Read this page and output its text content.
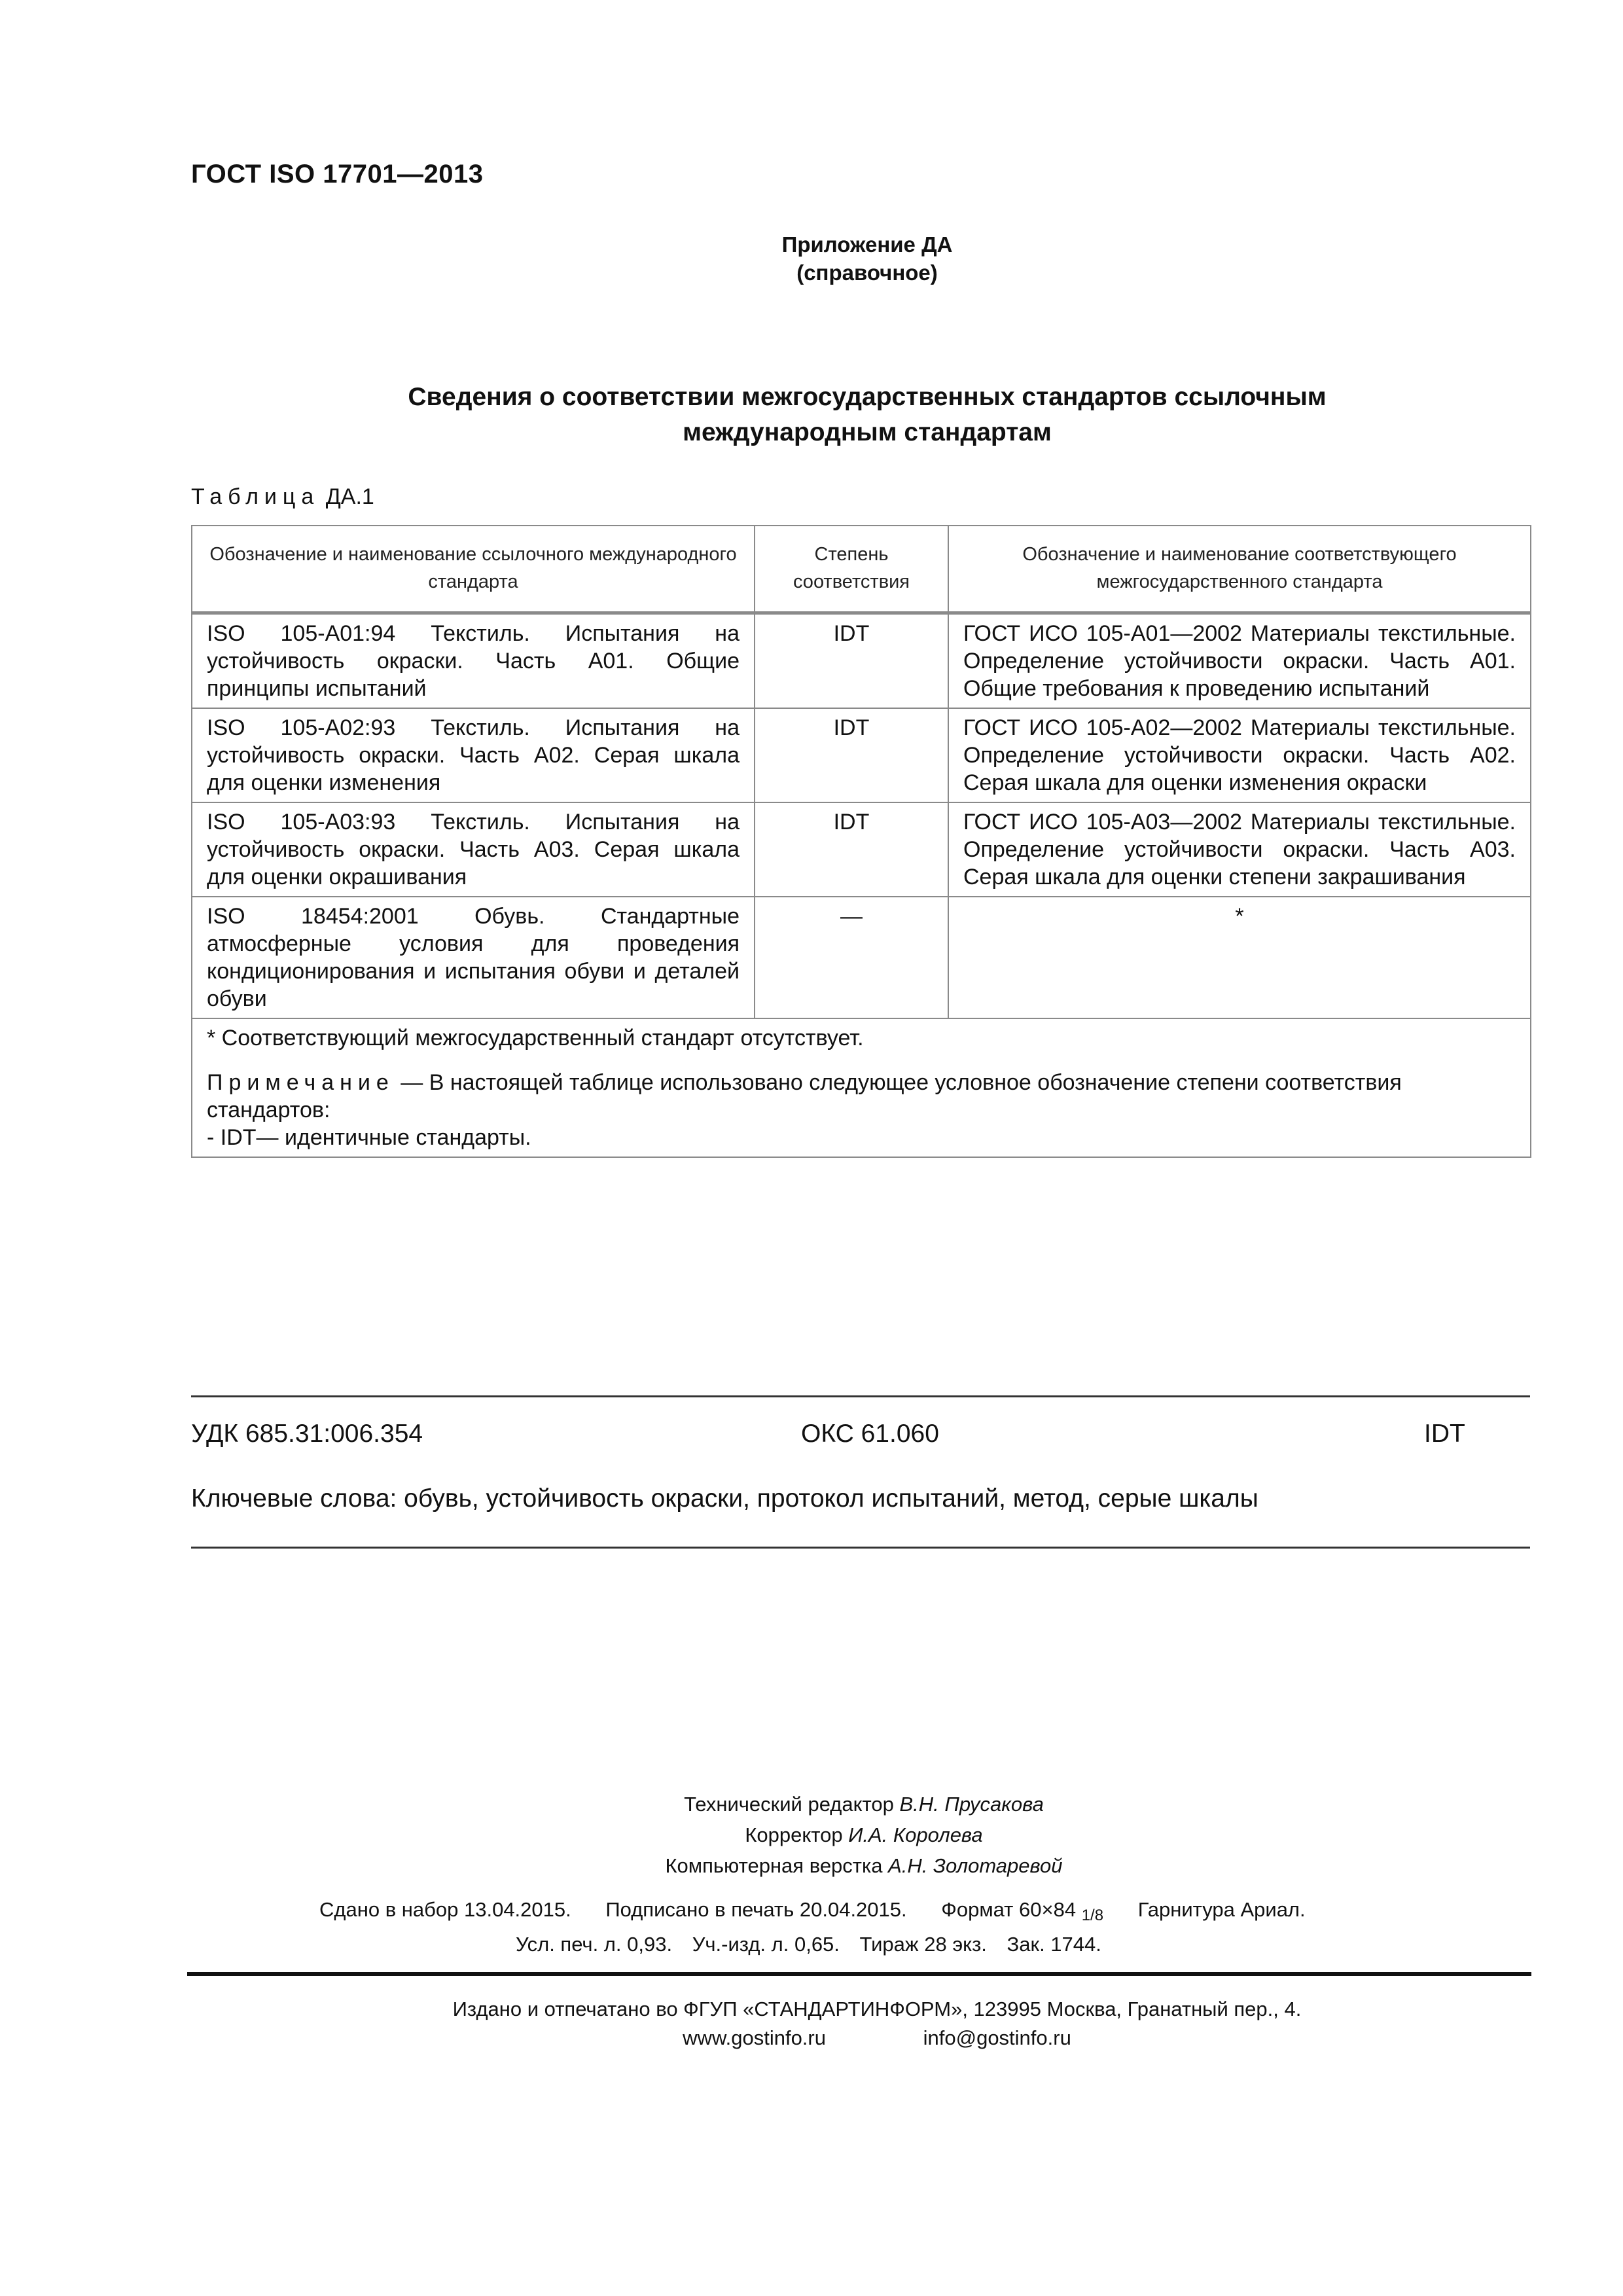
ГОСТ ISO 17701—2013
Приложение ДА
(справочное)
Сведения о соответствии межгосударственных стандартов ссылочным
международным стандартам
Таблица ДА.1
Обозначение и наименование ссылочного международного стандарта	Степень соответствия	Обозначение и наименование соответствующего межгосударственного стандарта
ISO 105-A01:94 Текстиль. Испытания на устойчивость окраски. Часть А01. Общие принципы испытаний	IDT	ГОСТ ИСО 105-А01—2002 Материалы текстильные. Определение устойчивости окраски. Часть А01. Общие требования к проведению испытаний
ISO 105-A02:93 Текстиль. Испытания на устойчивость окраски. Часть А02. Серая шкала для оценки изменения	IDT	ГОСТ ИСО 105-А02—2002 Материалы текстильные. Определение устойчивости окраски. Часть А02. Серая шкала для оценки изменения окраски
ISO 105-A03:93 Текстиль. Испытания на устойчивость окраски. Часть А03. Серая шкала для оценки окрашивания	IDT	ГОСТ ИСО 105-А03—2002 Материалы текстильные. Определение устойчивости окраски. Часть А03. Серая шкала для оценки степени закрашивания
ISO 18454:2001 Обувь. Стандартные атмосферные условия для проведения кондиционирования и испытания обуви и деталей обуви	—	*

* Соответствующий межгосударственный стандарт отсутствует.
Примечание — В настоящей таблице использовано следующее условное обозначение степени соответствия стандартов:
- IDT— идентичные стандарты.		
УДК 685.31:006.354	ОКС 61.060	IDT
Ключевые слова: обувь, устойчивость окраски, протокол испытаний, метод, серые шкалы
Технический редактор В.Н. Прусакова
Корректор И.А. Королева
Компьютерная верстка А.Н. Золотаревой
Сдано в набор 13.04.2015. Подписано в печать 20.04.2015. Формат 60×84 1/8 Гарнитура Ариал.
Усл. печ. л. 0,93. Уч.-изд. л. 0,65. Тираж 28 экз. Зак. 1744.
Издано и отпечатано во ФГУП «СТАНДАРТИНФОРМ», 123995 Москва, Гранатный пер., 4.
www.gostinfo.ru	info@gostinfo.ru
